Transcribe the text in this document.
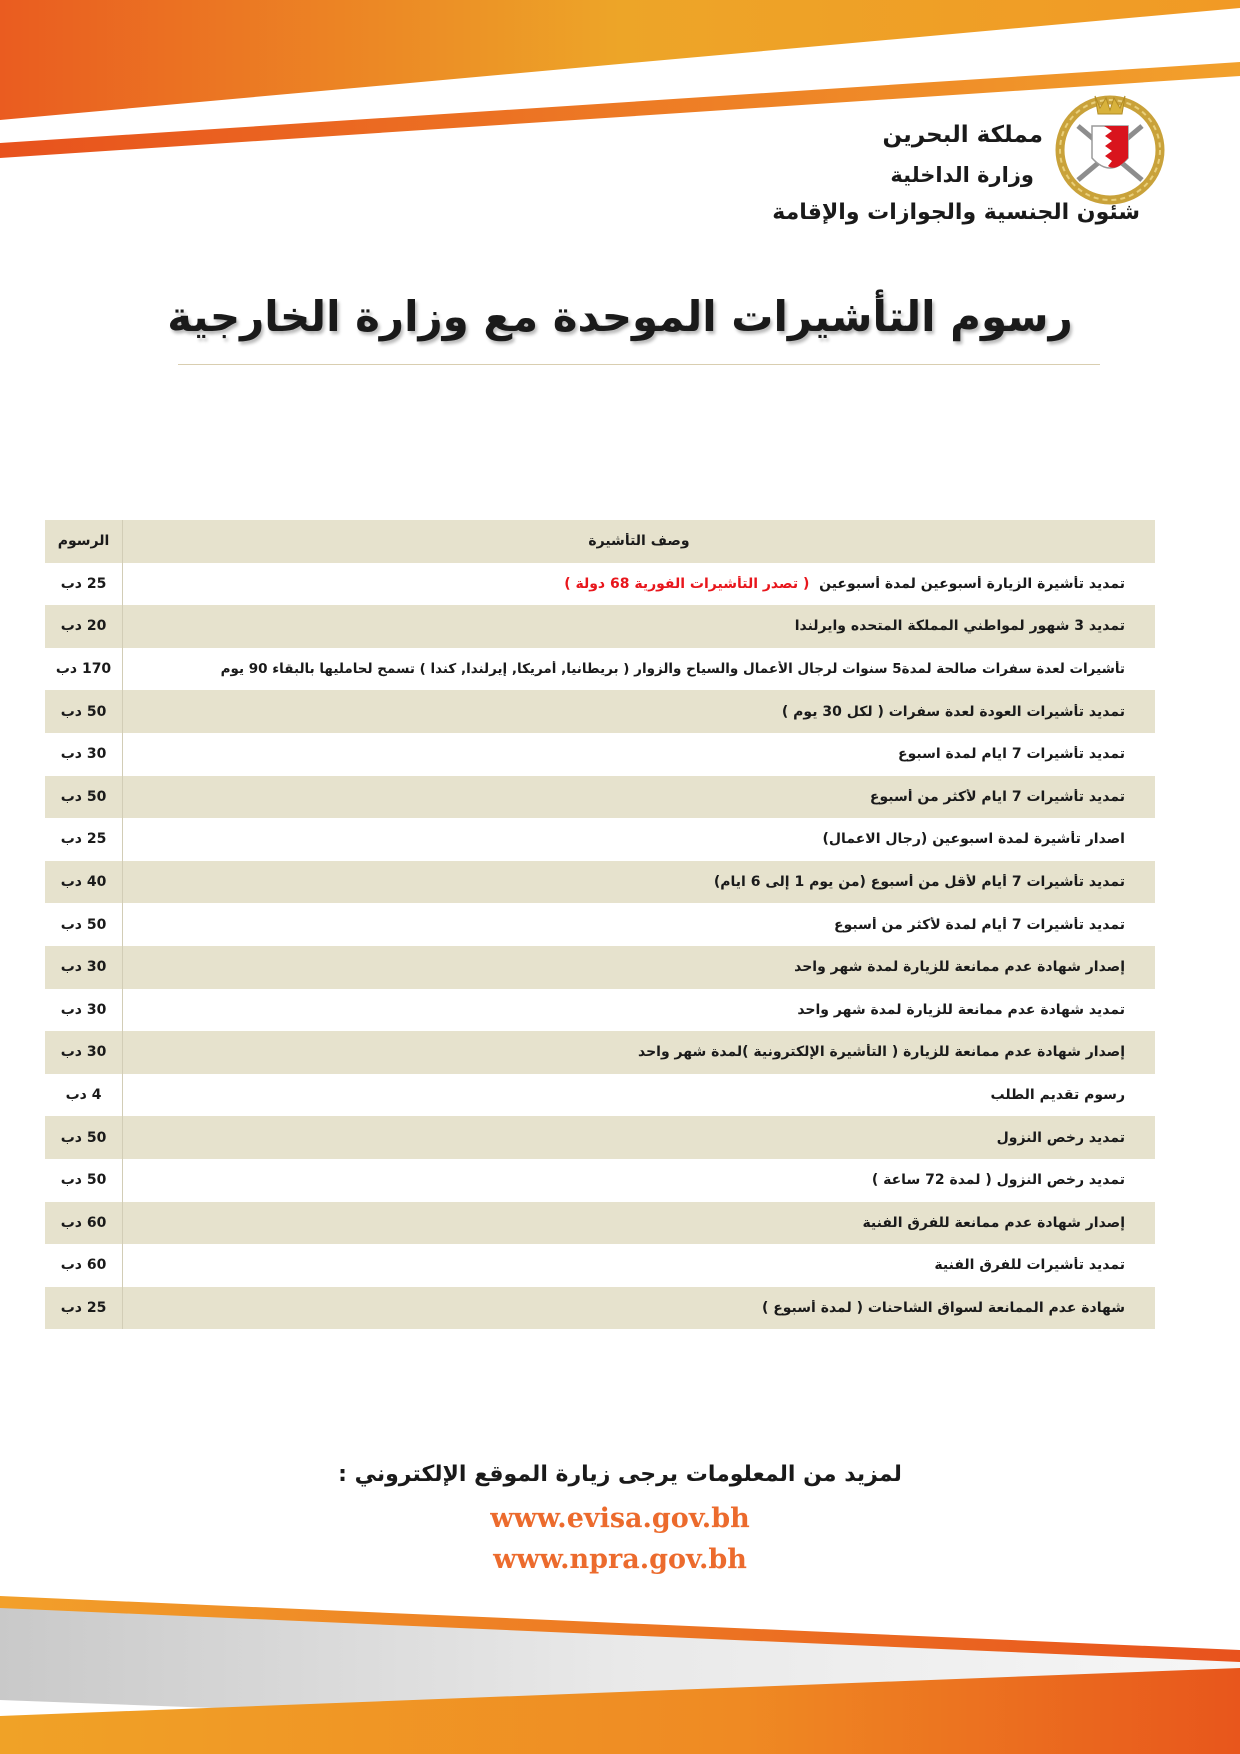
مملكة البحرين
وزارة الداخلية
شئون الجنسية والجوازات والإقامة
رسوم التأشيرات الموحدة مع وزارة الخارجية
وصف التأشيرة
الرسوم
تمديد تأشيرة الزيارة أسبوعين لمدة أسبوعين  ( تصدر التأشيرات الفورية 68 دولة )
25 دب
تمديد 3 شهور لمواطني المملكة المتحده وايرلندا
20 دب
تأشيرات لعدة سفرات صالحة لمدة5 سنوات لرجال الأعمال والسياح والزوار ( بريطانيا, أمريكا, إيرلندا, كندا ) تسمح لحامليها بالبقاء 90 يوم
170 دب
تمديد تأشيرات العودة لعدة سفرات ( لكل 30 يوم )
50 دب
تمديد تأشيرات 7 ايام لمدة اسبوع
30 دب
تمديد تأشيرات 7 ايام لأكثر من أسبوع
50 دب
اصدار تأشيرة لمدة اسبوعين (رجال الاعمال)
25 دب
تمديد تأشيرات 7 أيام لأقل من أسبوع (من يوم 1 إلى 6 ايام)
40 دب
تمديد تأشيرات 7 أيام لمدة لأكثر من أسبوع
50 دب
إصدار شهادة عدم ممانعة للزيارة لمدة شهر واحد
30 دب
تمديد شهادة عدم ممانعة للزيارة لمدة شهر واحد
30 دب
إصدار شهادة عدم ممانعة للزيارة ( التأشيرة الإلكترونية )لمدة شهر واحد
30 دب
رسوم تقديم الطلب
4 دب
تمديد رخص النزول
50 دب
تمديد رخص النزول ( لمدة 72 ساعة )
50 دب
إصدار شهادة عدم ممانعة للفرق الفنية
60 دب
تمديد تأشيرات للفرق الفنية
60 دب
شهادة عدم الممانعة لسواق الشاحنات ( لمدة أسبوع )
25 دب
لمزيد من المعلومات يرجى زيارة الموقع الإلكتروني :
www.evisa.gov.bh
www.npra.gov.bh
